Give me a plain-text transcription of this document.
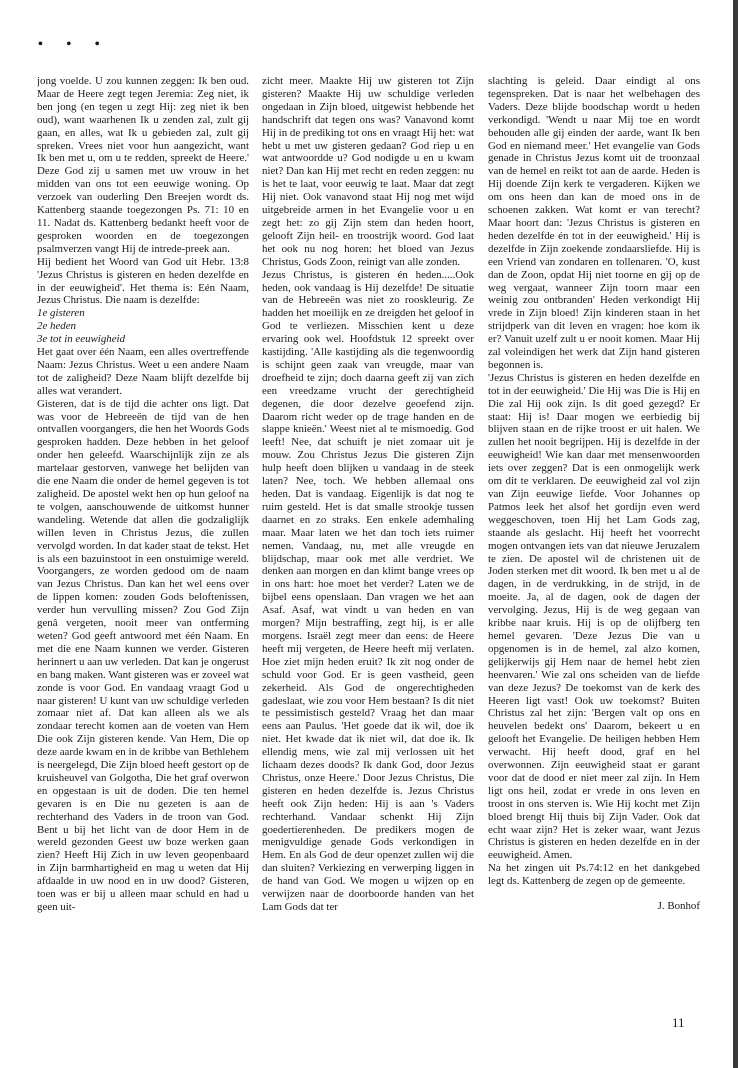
• • •

jong voelde. U zou kunnen zeggen: Ik ben oud. Maar de Heere zegt tegen Jeremia: Zeg niet, ik ben jong (en tegen u zegt Hij: zeg niet ik ben oud), want waarhenen Ik u zenden zal, zult gij gaan, en alles, wat Ik u gebieden zal, zult gij spreken. Vrees niet voor hun aangezicht, want Ik ben met u, om u te redden, spreekt de Heere.' Deze God zij u samen met uw vrouw in het midden van ons tot een eeuwige woning. Op verzoek van ouderling Den Breejen wordt ds. Kattenberg staande toegezongen Ps. 71: 10 en 11. Nadat ds. Kattenberg bedankt heeft voor de gesproken woorden en de toegezongen psalmverzen vangt Hij de intrede-preek aan.

Hij bedient het Woord van God uit Hebr. 13:8 'Jezus Christus is gisteren en heden dezelfde en in der eeuwigheid'. Het thema is: Eén Naam, Jezus Christus. Die naam is dezelfde:

1e gisteren

2e heden

3e tot in eeuwigheid

Het gaat over één Naam, een alles overtreffende Naam: Jezus Christus. Weet u een andere Naam tot de zaligheid? Deze Naam blijft dezelfde bij alles wat verandert.

Gisteren, dat is de tijd die achter ons ligt. Dat was voor de Hebreeën de tijd van de hen ontvallen voorgangers, die hen het Woords Gods gesproken hadden. Deze hebben in het geloof onder hen geleefd. Waarschijnlijk zijn ze als martelaar gestorven, vanwege het belijden van die ene Naam die onder de hemel gegeven is tot zaligheid. De apostel wekt hen op hun geloof na te volgen, aanschouwende de uitkomst hunner wandeling. Wetende dat allen die godzaliglijk willen leven in Christus Jezus, die zullen vervolgd worden. In dat kader staat de tekst. Het is als een bazuinstoot in een onstuimige wereld. Voorgangers, ze worden gedood om de naam van Jezus Christus. Dan kan het wel eens over de lippen komen: zouden Gods beloftenissen, verder hun vervulling missen? Zou God Zijn genâ vergeten, nooit meer van ontferming weten? God geeft antwoord met één Naam. En met die ene Naam kunnen we verder. Gisteren herinnert u aan uw verleden. Dat kan je ongerust en bang maken. Want gisteren was er zoveel wat zonde is voor God. En vandaag vraagt God u naar gisteren! U kunt van uw schuldige verleden zomaar niet af. Dat kan alleen als we als zondaar terecht komen aan de voeten van Hem Die ook Zijn gisteren kende. Van Hem, Die op deze aarde kwam en in de kribbe van Bethlehem is neergelegd, Die Zijn bloed heeft gestort op de kruisheuvel van Golgotha, Die het graf overwon en opgestaan is uit de doden. Die ten hemel gevaren is en Die nu gezeten is aan de rechterhand des Vaders in de troon van God. Bent u bij het licht van de door Hem in de wereld gezonden Geest uw boze werken gaan zien? Heeft Hij Zich in uw leven geopenbaard in Zijn barmhartigheid en mag u weten dat Hij afdaalde in uw nood en in uw dood? Gisteren, toen was er bij u alleen maar schuld en had u geen uit-

zicht meer. Maakte Hij uw gisteren tot Zijn gisteren? Maakte Hij uw schuldige verleden ongedaan in Zijn bloed, uitgewist hebbende het handschrift dat tegen ons was? Vanavond komt Hij in de prediking tot ons en vraagt Hij het: wat hebt u met uw gisteren gedaan? God riep u en wat antwoordde u? God nodigde u en u kwam niet? Dan kan Hij met recht en reden zeggen: nu is het te laat, voor eeuwig te laat. Maar dat zegt Hij niet. Ook vanavond staat Hij nog met wijd uitgebreide armen in het Evangelie voor u en zegt het: zo gij Zijn stem dan heden hoort, gelooft Zijn heil- en troostrijk woord. God laat het ook nu nog horen: het bloed van Jezus Christus, Gods Zoon, reinigt van alle zonden.

Jezus Christus, is gisteren én heden.....Ook heden, ook vandaag is Hij dezelfde! De situatie van de Hebreeën was niet zo rooskleurig. Ze hadden het moeilijk en ze dreigden het geloof in God te verliezen. Misschien kent u deze ervaring ook wel. Hoofdstuk 12 spreekt over kastijding. 'Alle kastijding als die tegenwoordig is schijnt geen zaak van vreugde, maar van droefheid te zijn; doch daarna geeft zij van zich een vreedzame vrucht der gerechtigheid degenen, die door dezelve geoefend zijn. Daarom richt weder op de trage handen en de slappe knieën.' Weest niet al te mismoedig. God leeft! Nee, dat schuift je niet zomaar uit je mouw. Zou Christus Jezus Die gisteren Zijn hulp heeft doen blijken u vandaag in de steek laten? Nee, toch. We hebben allemaal ons heden. Dat is vandaag. Eigenlijk is dat nog te ruim gesteld. Het is dat smalle strookje tussen daarnet en zo straks. Een enkele ademhaling maar. Maar laten we het dan toch iets ruimer nemen. Vandaag, nu, met alle vreugde en blijdschap, maar ook met alle verdriet. We denken aan morgen en dan klimt bange vrees op in ons hart: hoe moet het verder? Laten we de bijbel eens openslaan. Dan vragen we het aan Asaf. Asaf, wat vindt u van heden en van morgen? Mijn bestraffing, zegt hij, is er alle morgens. Israël zegt meer dan eens: de Heere heeft mij vergeten, de Heere heeft mij verlaten. Hoe ziet mijn heden eruit? Ik zit nog onder de schuld voor God. Er is geen vastheid, geen zekerheid. Als God de ongerechtigheden gadeslaat, wie zou voor Hem bestaan? Is dit niet te pessimistisch gesteld? Vraag het dan maar eens aan Paulus. 'Het goede dat ik wil, doe ik niet. Het kwade dat ik niet wil, dat doe ik. Ik ellendig mens, wie zal mij verlossen uit het lichaam dezes doods? Ik dank God, door Jezus Christus, onze Heere.' Door Jezus Christus, Die gisteren en heden dezelfde is. Jezus Christus heeft ook Zijn heden: Hij is aan 's Vaders rechterhand. Vandaar schenkt Hij Zijn goedertierenheden. De predikers mogen de menigvuldige genade Gods verkondigen in Hem. En als God de deur openzet zullen wij die dan sluiten? Verkiezing en verwerping liggen in de hand van God. We mogen u wijzen op en verwijzen naar de doorboorde handen van het Lam Gods dat ter

slachting is geleid. Daar eindigt al ons tegenspreken. Dat is naar het welbehagen des Vaders. Deze blijde boodschap wordt u heden verkondigd. 'Wendt u naar Mij toe en wordt behouden alle gij einden der aarde, want Ik ben God en niemand meer.' Het evangelie van Gods genade in Christus Jezus komt uit de troonzaal van de hemel en reikt tot aan de aarde. Heden is Hij doende Zijn kerk te vergaderen. Kijken we om ons heen dan kan de moed ons in de schoenen zakken. Wat komt er van terecht? Maar hoort dan: 'Jezus Christus is gisteren en heden dezelfde én tot in der eeuwigheid.' Hij is dezelfde in Zijn zoekende zondaarsliefde. Hij is een Vriend van zondaren en tollenaren. 'O, kust dan de Zoon, opdat Hij niet toorne en gij op de weg vergaat, wanneer Zijn toorn maar een weinig zou ontbranden' Heden verkondigt Hij vrede in Zijn bloed! Zijn kinderen staan in het strijdperk van dit leven en vragen: hoe kom ik er? Vanuit uzelf zult u er nooit komen. Maar Hij zal voleindigen het werk dat Zijn hand gisteren begonnen is.

'Jezus Christus is gisteren en heden dezelfde en tot in der eeuwigheid.' Die Hij was Die is Hij en Die zal Hij ook zijn. Is dit goed gezegd? Er staat: Hij is! Daar mogen we eerbiedig bij blijven staan en de rijke troost er uit halen. We zullen het nooit begrijpen. Hij is dezelfde in der eeuwigheid! Wie kan daar met mensenwoorden iets over zeggen? Dat is een onmogelijk werk om dit te verklaren. De eeuwigheid zal vol zijn van Zijn eeuwige liefde. Voor Johannes op Patmos leek het alsof het gordijn even werd weggeschoven, toen Hij het Lam Gods zag, staande als geslacht. Hij heeft het voorrecht mogen ontvangen iets van dat nieuwe Jeruzalem te zien. De apostel wil de christenen uit de Joden sterken met dit woord. Ik ben met u al de dagen, in de verdrukking, in de strijd, in de moeite. Ja, al de dagen, ook de dagen der vervolging. Jezus, Hij is de weg gegaan van kribbe naar kruis. Hij is op de olijfberg ten hemel gevaren. 'Deze Jezus Die van u opgenomen is in de hemel, zal alzo komen, gelijkerwijs gij Hem naar de hemel hebt zien heenvaren.' Wie zal ons scheiden van de liefde van deze Jezus? De toekomst van de kerk des Heeren ligt vast! Ook uw toekomst? Buiten Christus zal het zijn: 'Bergen valt op ons en heuvelen bedekt ons' Daarom, bekeert u en gelooft het Evangelie. De heiligen hebben Hem verwacht. Hij heeft dood, graf en hel overwonnen. Zijn eeuwigheid staat er garant voor dat de dood er niet meer zal zijn. In Hem ligt ons heil, zodat er vrede in ons leven en troost in ons sterven is. Wie Hij kocht met Zijn bloed brengt Hij thuis bij Zijn Vader. Ook dat echt waar zijn? Het is zeker waar, want Jezus Christus is gisteren en heden dezelfde en in der eeuwigheid. Amen.

Na het zingen uit Ps.74:12 en het dankgebed legt ds. Kattenberg de zegen op de gemeente.

J. Bonhof

11
